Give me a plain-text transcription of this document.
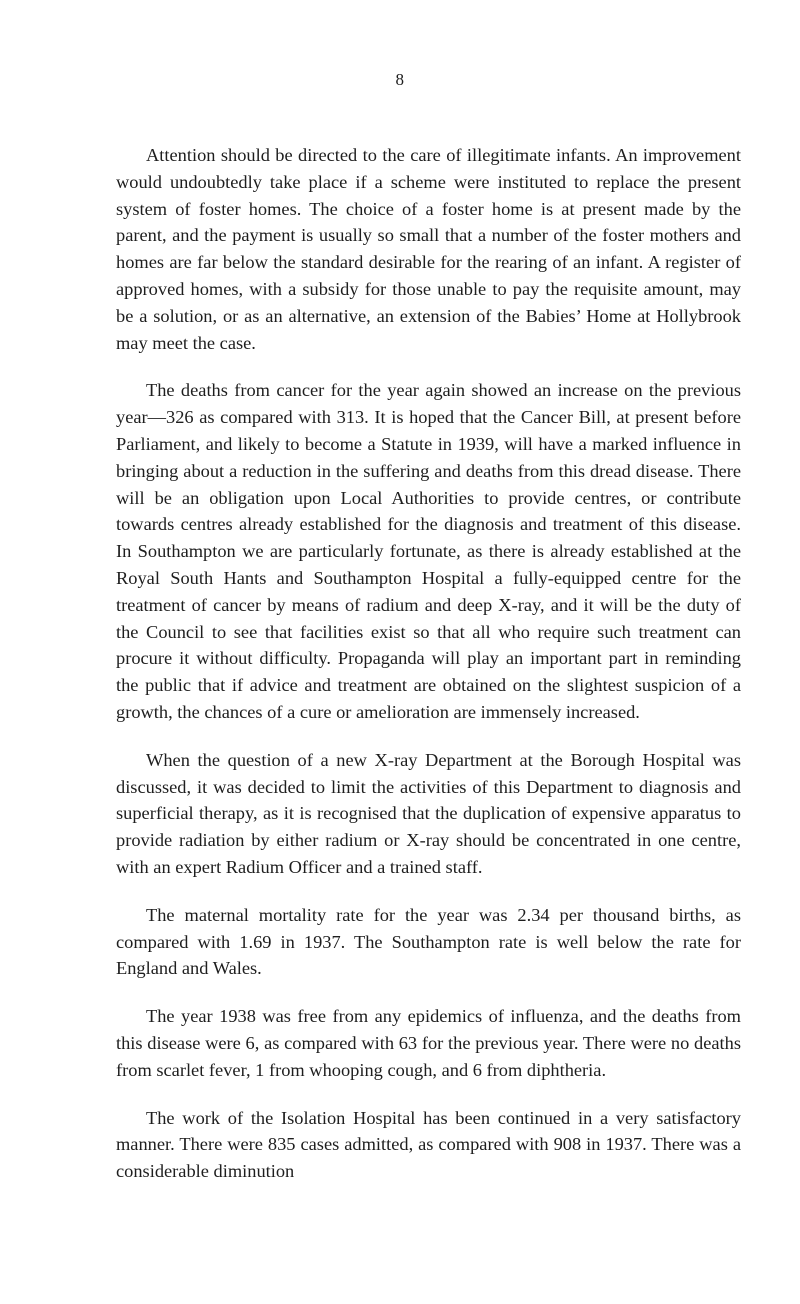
8

Attention should be directed to the care of illegitimate infants. An improvement would undoubtedly take place if a scheme were instituted to replace the present system of foster homes. The choice of a foster home is at present made by the parent, and the payment is usually so small that a number of the foster mothers and homes are far below the standard desirable for the rearing of an infant. A register of approved homes, with a subsidy for those unable to pay the requisite amount, may be a solution, or as an alternative, an extension of the Babies’ Home at Hollybrook may meet the case.

The deaths from cancer for the year again showed an increase on the previous year—326 as compared with 313. It is hoped that the Cancer Bill, at present before Parliament, and likely to become a Statute in 1939, will have a marked influence in bringing about a reduction in the suffering and deaths from this dread disease. There will be an obligation upon Local Authorities to provide centres, or contribute towards centres already established for the diagnosis and treatment of this disease. In Southampton we are particularly fortunate, as there is already established at the Royal South Hants and Southampton Hospital a fully-equipped centre for the treatment of cancer by means of radium and deep X-ray, and it will be the duty of the Council to see that facilities exist so that all who require such treatment can procure it without difficulty. Propaganda will play an important part in reminding the public that if advice and treatment are obtained on the slightest suspicion of a growth, the chances of a cure or amelioration are immensely increased.

When the question of a new X-ray Department at the Borough Hospital was discussed, it was decided to limit the activities of this Department to diagnosis and superficial therapy, as it is recognised that the duplication of expensive apparatus to provide radiation by either radium or X-ray should be concentrated in one centre, with an expert Radium Officer and a trained staff.

The maternal mortality rate for the year was 2.34 per thousand births, as compared with 1.69 in 1937. The Southampton rate is well below the rate for England and Wales.

The year 1938 was free from any epidemics of influenza, and the deaths from this disease were 6, as compared with 63 for the previous year. There were no deaths from scarlet fever, 1 from whooping cough, and 6 from diphtheria.

The work of the Isolation Hospital has been continued in a very satisfactory manner. There were 835 cases admitted, as compared with 908 in 1937. There was a considerable diminution
